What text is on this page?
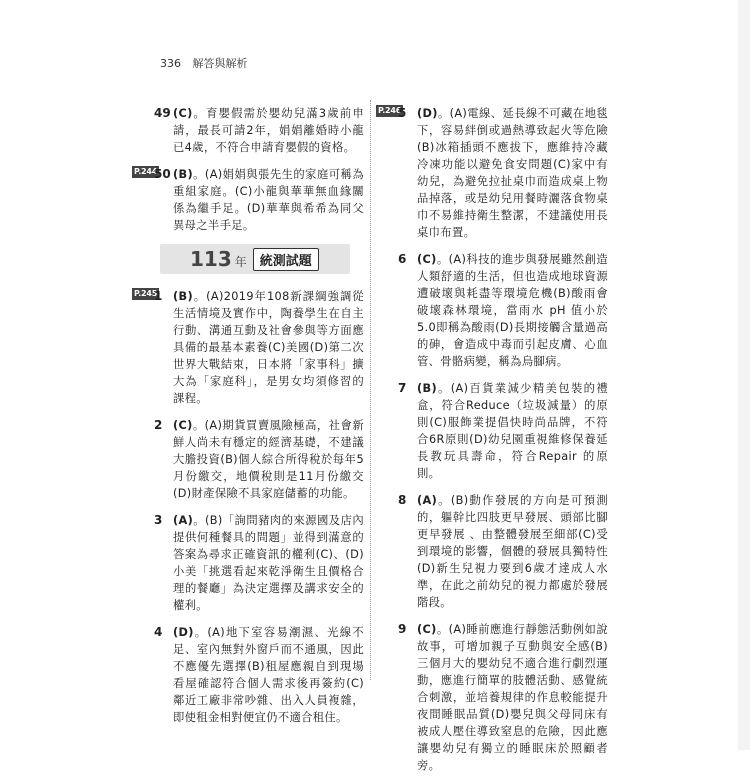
336 解答與解析
49 (C)。育嬰假需於嬰幼兒滿3歲前申請，最長可請2年，娟娟離婚時小龍已4歲，不符合申請育嬰假的資格。
P.244
50 (B)。(A)娟娟與張先生的家庭可稱為重組家庭。(C)小龍與華華無血緣關係為繼手足。(D)華華與希希為同父異母之半手足。
113 年	統測試題
P.245
1 (B)。(A)2019年108新課綱強調從生活情境及實作中，陶養學生在自主行動、溝通互動及社會參與等方面應具備的最基本素養(C)美國(D)第二次世界大戰結束，日本將「家事科」擴大為「家庭科」，是男女均須修習的課程。
2 (C)。(A)期貨買賣風險極高，社會新鮮人尚未有穩定的經濟基礎，不建議大膽投資(B)個人綜合所得稅於每年5月份繳交，地價稅則是11月份繳交(D)財產保險不具家庭儲蓄的功能。
3 (A)。(B)「詢問豬肉的來源國及店內提供何種餐具的問題」並得到滿意的答案為尋求正確資訊的權利(C)、(D)小美「挑選看起來乾淨衛生且價格合理的餐廳」為決定選擇及講求安全的權利。
4 (D)。(A)地下室容易潮濕、光線不足、室內無對外窗戶而不通風，因此不應優先選擇(B)租屋應親自到現場看屋確認符合個人需求後再簽約(C)鄰近工廠非常吵雜、出入人員複雜，即使租金相對便宜仍不適合租住。
P.246
5 (D)。(A)電線、延長線不可藏在地毯下，容易絆倒或過熱導致起火等危險(B)冰箱插頭不應拔下，應維持冷藏冷凍功能以避免食安問題(C)家中有幼兒，為避免拉扯桌巾而造成桌上物品掉落，或是幼兒用餐時灑落食物桌巾不易維持衛生整潔，不建議使用長桌巾布置。
6 (C)。(A)科技的進步與發展雖然創造人類舒適的生活，但也造成地球資源遭破壞與耗盡等環境危機(B)酸雨會破壞森林環境，當雨水 pH 值小於5.0即稱為酸雨(D)長期接觸含量過高的砷，會造成中毒而引起皮膚、心血管、骨骼病變，稱為烏腳病。
7 (B)。(A)百貨業減少精美包裝的禮盒，符合Reduce（垃圾減量）的原則(C)服飾業提倡快時尚品牌，不符合6R原則(D)幼兒園重視維修保養延長教玩具壽命，符合Repair 的原則。
8 (A)。(B)動作發展的方向是可預測的，軀幹比四肢更早發展、頭部比腳更早發展 、由整體發展至細部(C)受到環境的影響，個體的發展具獨特性(D)新生兒視力要到6歲才達成人水準，在此之前幼兒的視力都處於發展階段。
9 (C)。(A)睡前應進行靜態活動例如說故事，可增加親子互動與安全感(B)三個月大的嬰幼兒不適合進行劇烈運動，應進行簡單的肢體活動、感覺統合刺激，並培養規律的作息較能提升夜間睡眠品質(D)嬰兒與父母同床有被成人壓住導致窒息的危險，因此應讓嬰幼兒有獨立的睡眠床於照顧者旁。
